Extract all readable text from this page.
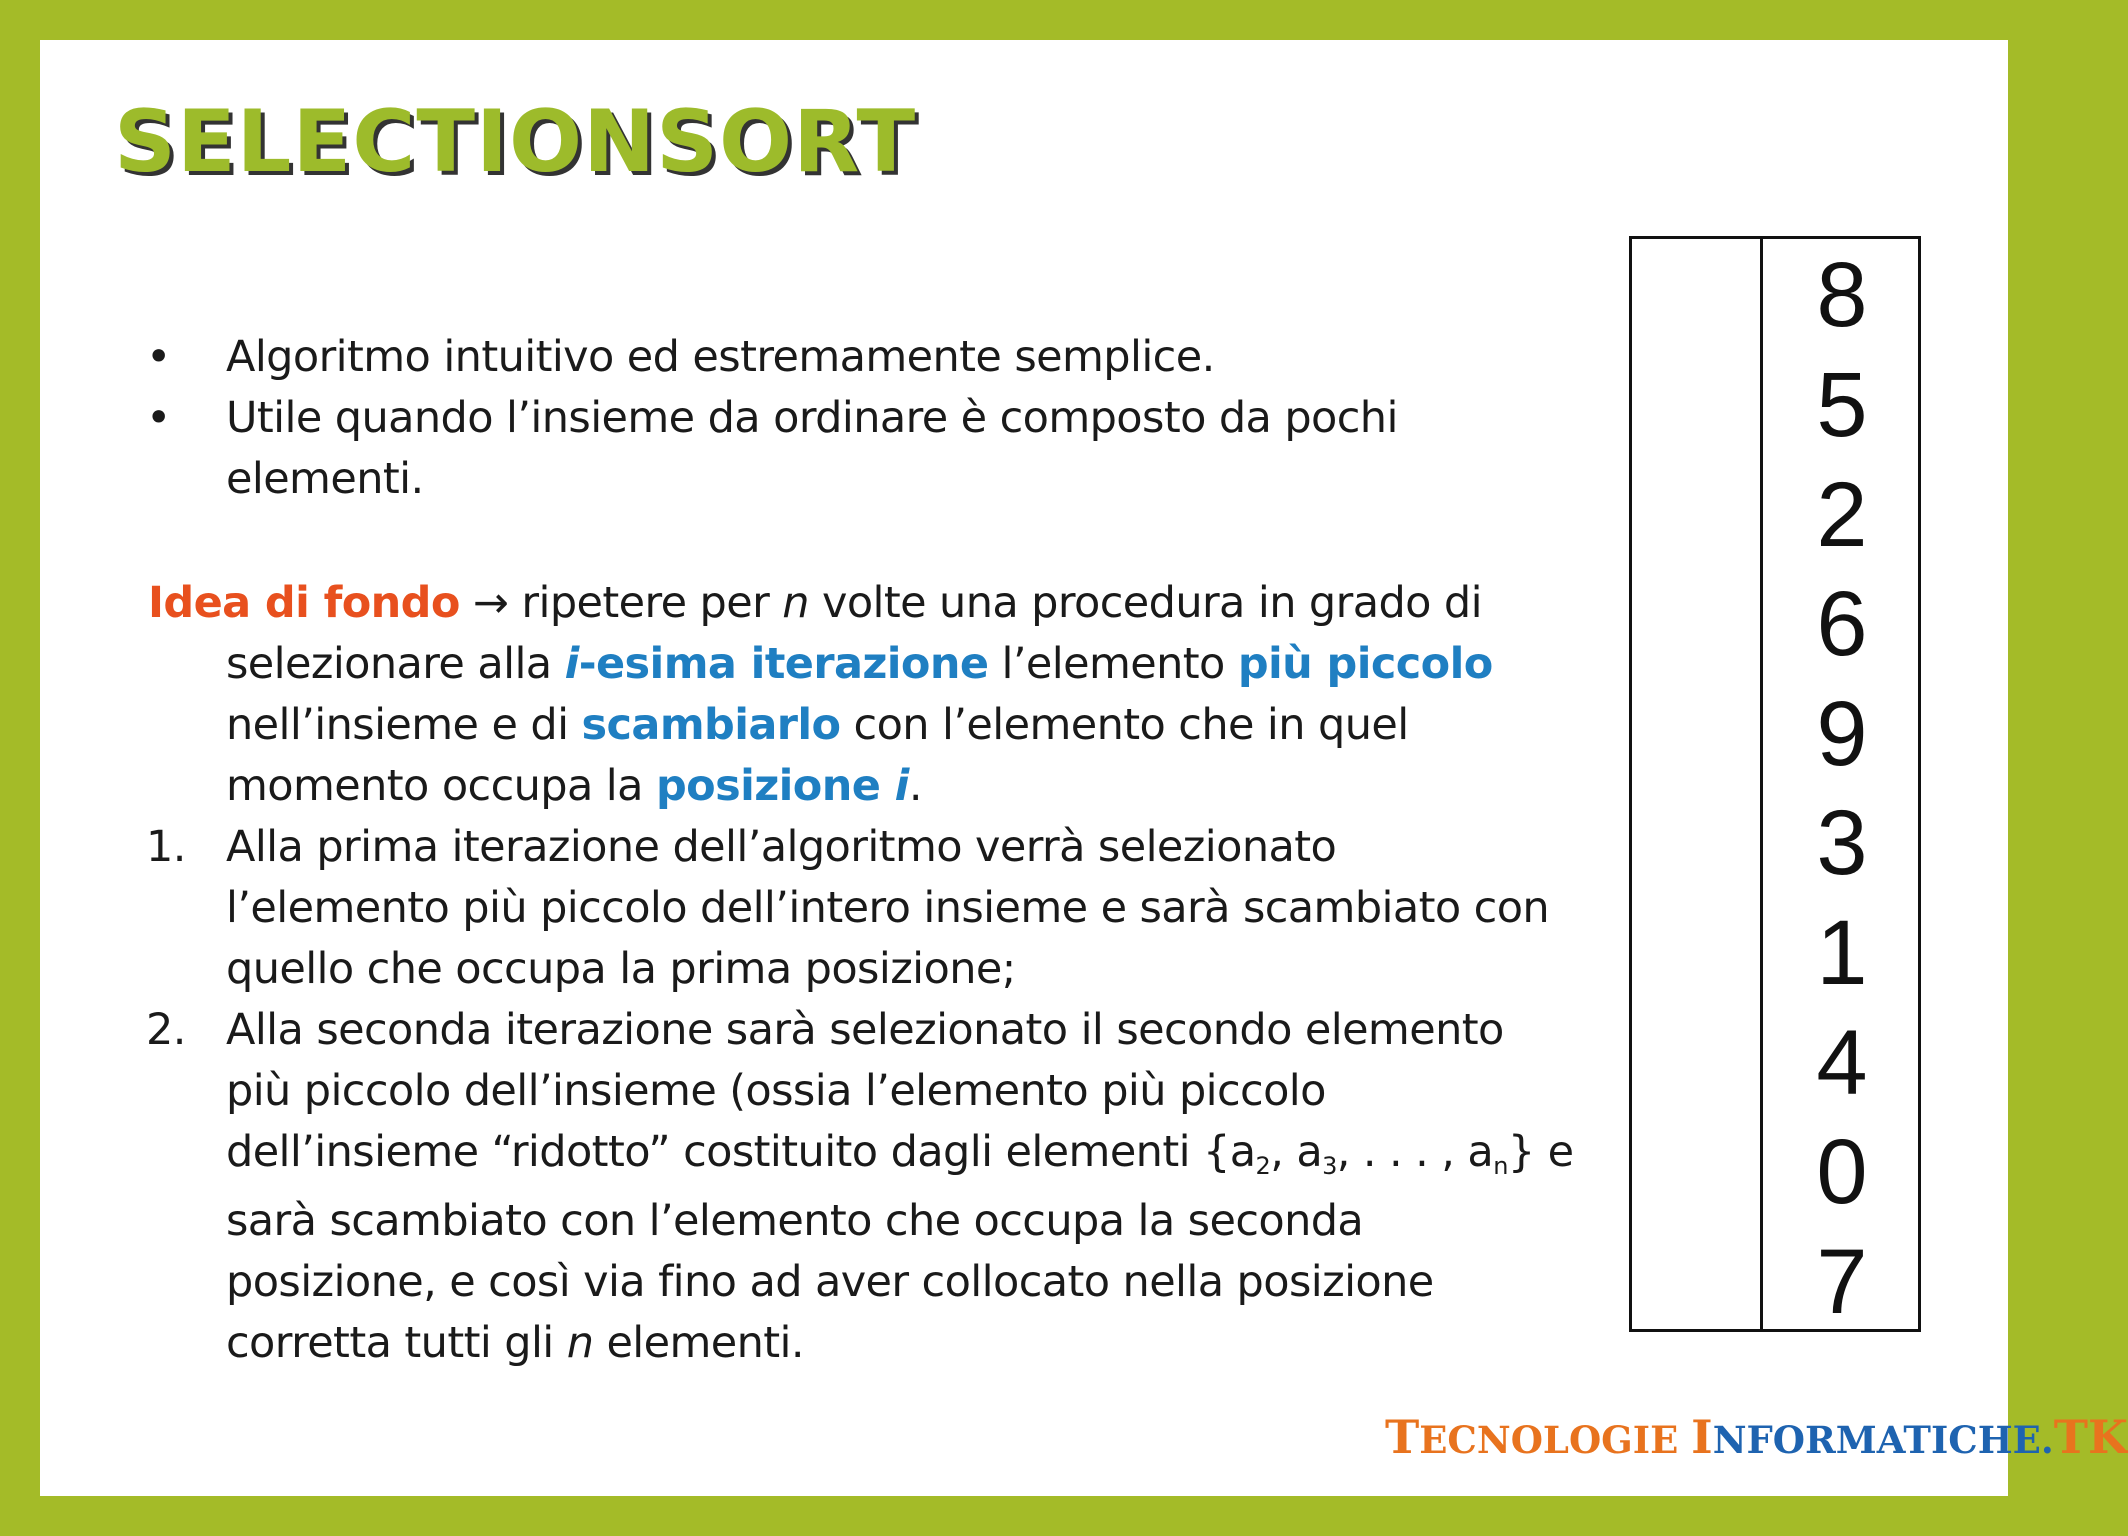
SELECTIONSORT
• Algoritmo intuitivo ed estremamente semplice.
• Utile quando l’insieme da ordinare è composto da pochi
elementi.
Idea di fondo → ripetere per n volte una procedura in grado di
selezionare alla i-esima iterazione l’elemento più piccolo
nell’insieme e di scambiarlo con l’elemento che in quel
momento occupa la posizione i.
1. Alla prima iterazione dell’algoritmo verrà selezionato
l’elemento più piccolo dell’intero insieme e sarà scambiato con
quello che occupa la prima posizione;
2. Alla seconda iterazione sarà selezionato il secondo elemento
più piccolo dell’insieme (ossia l’elemento più piccolo
dell’insieme “ridotto” costituito dagli elementi {$a_2$, $a_3$, . . . , $a_n$} e
sarà scambiato con l’elemento che occupa la seconda
posizione, e così via fino ad aver collocato nella posizione
corretta tutti gli n elementi.
8
5
2
6
9
3
1
4
0
7
TECNOLOGIE INFORMATICHE.TK
